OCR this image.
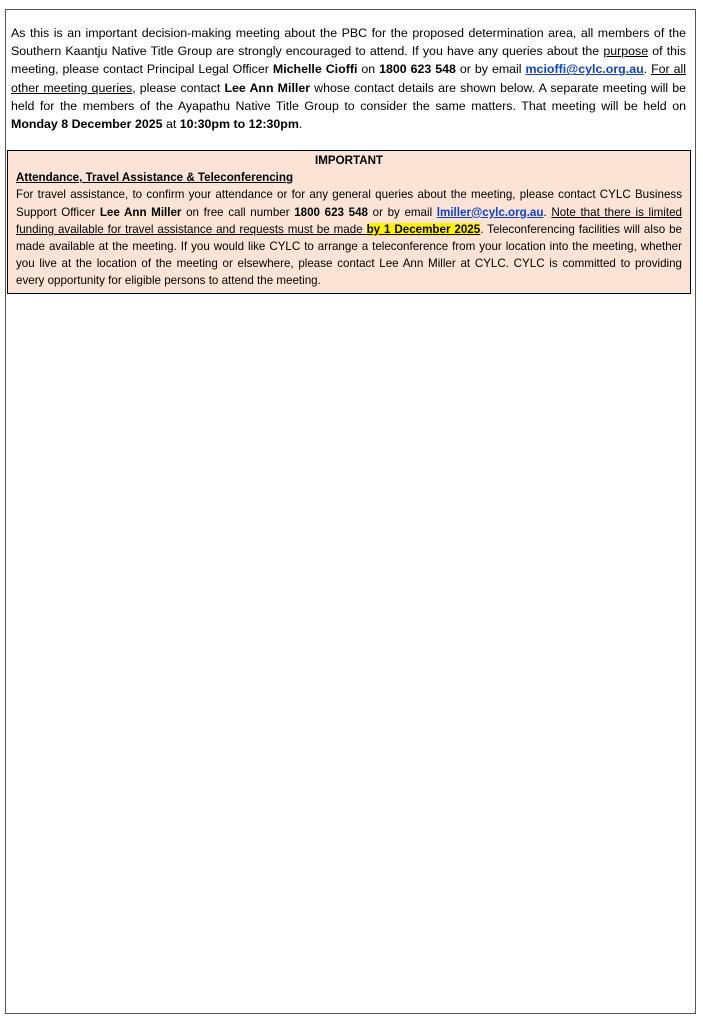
As this is an important decision-making meeting about the PBC for the proposed determination area, all members of the Southern Kaantju Native Title Group are strongly encouraged to attend. If you have any queries about the purpose of this meeting, please contact Principal Legal Officer Michelle Cioffi on 1800 623 548 or by email mcioffi@cylc.org.au. For all other meeting queries, please contact Lee Ann Miller whose contact details are shown below. A separate meeting will be held for the members of the Ayapathu Native Title Group to consider the same matters. That meeting will be held on Monday 8 December 2025 at 10:30pm to 12:30pm.

IMPORTANT

Attendance, Travel Assistance & Teleconferencing

For travel assistance, to confirm your attendance or for any general queries about the meeting, please contact CYLC Business Support Officer Lee Ann Miller on free call number 1800 623 548 or by email lmiller@cylc.org.au. Note that there is limited funding available for travel assistance and requests must be made by 1 December 2025. Teleconferencing facilities will also be made available at the meeting. If you would like CYLC to arrange a teleconference from your location into the meeting, whether you live at the location of the meeting or elsewhere, please contact Lee Ann Miller at CYLC. CYLC is committed to providing every opportunity for eligible persons to attend the meeting.
